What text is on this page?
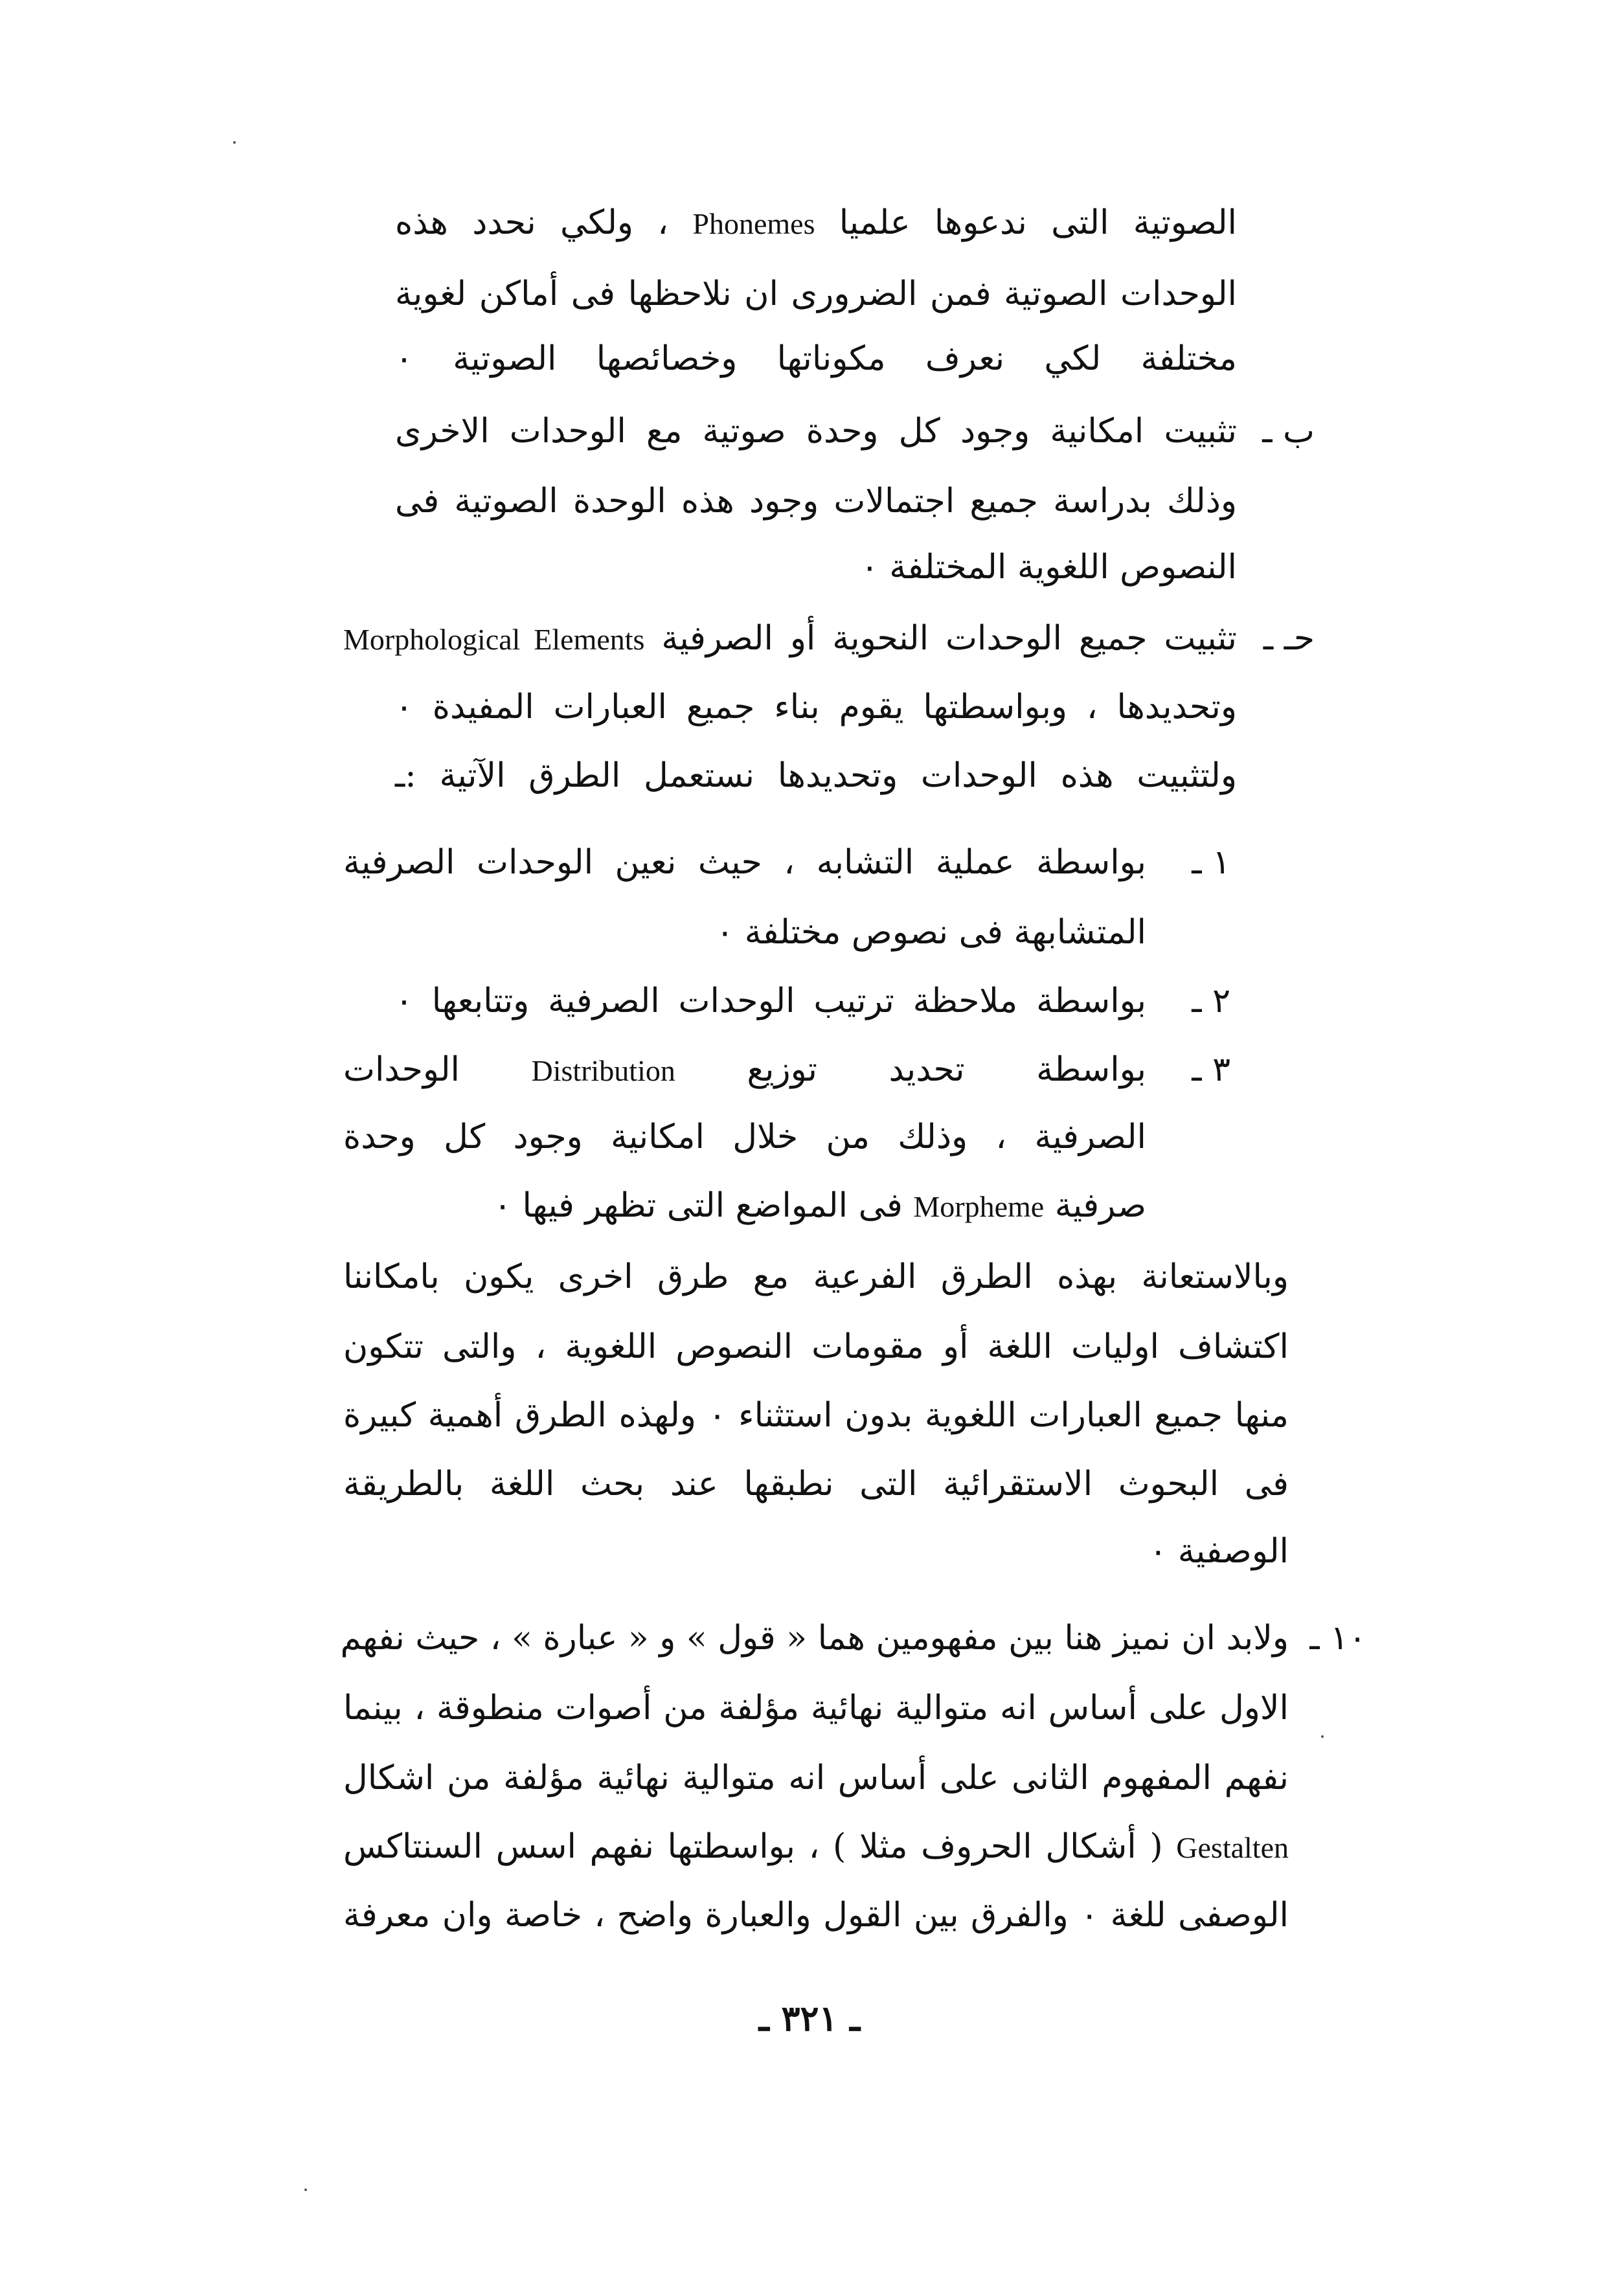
الصوتية التى ندعوها علميا Phonemes ، ولكي نحدد هذه
الوحدات الصوتية فمن الضرورى ان نلاحظها فى أماكن لغوية
مختلفة لكي نعرف مكوناتها وخصائصها الصوتية ٠
ب ـ
تثبيت امكانية وجود كل وحدة صوتية مع الوحدات الاخرى
وذلك بدراسة جميع اجتمالات وجود هذه الوحدة الصوتية فى
النصوص اللغوية المختلفة ٠
حـ ـ
تثبيت جميع الوحدات النحوية أو الصرفية Morphological Elements
وتحديدها ، وبواسطتها يقوم بناء جميع العبارات المفيدة ٠
ولتثبيت هذه الوحدات وتحديدها نستعمل الطرق الآتية :ـ
١ ـ
بواسطة عملية التشابه ، حيث نعين الوحدات الصرفية
المتشابهة فى نصوص مختلفة ٠
٢ ـ
بواسطة ملاحظة ترتيب الوحدات الصرفية وتتابعها ٠
٣ ـ
بواسطة تحديد توزيع Distribution الوحدات
الصرفية ، وذلك من خلال امكانية وجود كل وحدة
صرفية Morpheme فى المواضع التى تظهر فيها ٠
وبالاستعانة بهذه الطرق الفرعية مع طرق اخرى يكون بامكاننا
اكتشاف اوليات اللغة أو مقومات النصوص اللغوية ، والتى تتكون
منها جميع العبارات اللغوية بدون استثناء ٠ ولهذه الطرق أهمية كبيرة
فى البحوث الاستقرائية التى نطبقها عند بحث اللغة بالطريقة
الوصفية ٠
١٠ ـ
ولابد ان نميز هنا بين مفهومين هما « قول » و « عبارة » ، حيث نفهم
الاول على أساس انه متوالية نهائية مؤلفة من أصوات منطوقة ، بينما
نفهم المفهوم الثانى على أساس انه متوالية نهائية مؤلفة من اشكال
Gestalten ( أشكال الحروف مثلا ) ، بواسطتها نفهم اسس السنتاكس
الوصفى للغة ٠ والفرق بين القول والعبارة واضح ، خاصة وان معرفة
ـ ٣٢١ ـ
